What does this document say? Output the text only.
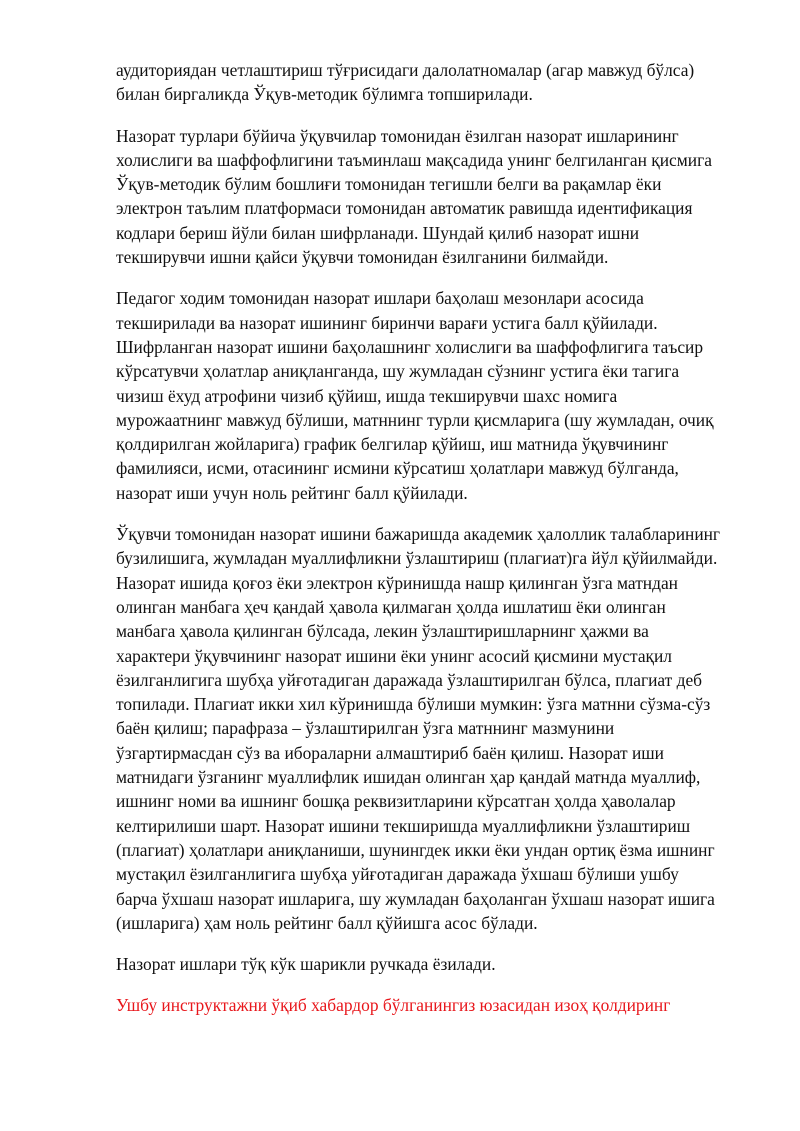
аудиториядан четлаштириш тўғрисидаги далолатномалар (агар мавжуд бўлса)
билан биргаликда Ўқув-методик бўлимга топширилади.

Назорат турлари бўйича ўқувчилар томонидан ёзилган назорат ишларининг
холислиги ва шаффофлигини таъминлаш мақсадида унинг белгиланган қисмига
Ўқув-методик бўлим бошлиғи томонидан тегишли белги ва рақамлар ёки
электрон таълим платформаси томонидан автоматик равишда идентификация
кодлари бериш йўли билан шифрланади. Шундай қилиб назорат ишни
текширувчи ишни қайси ўқувчи томонидан ёзилганини билмайди.

Педагог ходим томонидан назорат ишлари баҳолаш мезонлари асосида
текширилади ва назорат ишининг биринчи варағи устига балл қўйилади.
Шифрланган назорат ишини баҳолашнинг холислиги ва шаффофлигига таъсир
кўрсатувчи ҳолатлар аниқланганда, шу жумладан сўзнинг устига ёки тагига
чизиш ёхуд атрофини чизиб қўйиш, ишда текширувчи шахс номига
мурожаатнинг мавжуд бўлиши, матннинг турли қисмларига (шу жумладан, очиқ
қолдирилган жойларига) график белгилар қўйиш, иш матнида ўқувчининг
фамилияси, исми, отасининг исмини кўрсатиш ҳолатлари мавжуд бўлганда,
назорат иши учун ноль рейтинг балл қўйилади.

Ўқувчи томонидан назорат ишини бажаришда академик ҳалоллик талабларининг
бузилишига, жумладан муаллифликни ўзлаштириш (плагиат)га йўл қўйилмайди.
Назорат ишида қоғоз ёки электрон кўринишда нашр қилинган ўзга матндан
олинган манбага ҳеч қандай ҳавола қилмаган ҳолда ишлатиш ёки олинган
манбага ҳавола қилинган бўлсада, лекин ўзлаштиришларнинг ҳажми ва
характери ўқувчининг назорат ишини ёки унинг асосий қисмини мустақил
ёзилганлигига шубҳа уйғотадиган даражада ўзлаштирилган бўлса, плагиат деб
топилади. Плагиат икки хил кўринишда бўлиши мумкин: ўзга матнни сўзма-сўз
баён қилиш; парафраза – ўзлаштирилган ўзга матннинг мазмунини
ўзгартирмасдан сўз ва ибораларни алмаштириб баён қилиш. Назорат иши
матнидаги ўзганинг муаллифлик ишидан олинган ҳар қандай матнда муаллиф,
ишнинг номи ва ишнинг бошқа реквизитларини кўрсатган ҳолда ҳаволалар
келтирилиши шарт. Назорат ишини текширишда муаллифликни ўзлаштириш
(плагиат) ҳолатлари аниқланиши, шунингдек икки ёки ундан ортиқ ёзма ишнинг
мустақил ёзилганлигига шубҳа уйғотадиган даражада ўхшаш бўлиши ушбу
барча ўхшаш назорат ишларига, шу жумладан баҳоланган ўхшаш назорат ишига
(ишларига) ҳам ноль рейтинг балл қўйишга асос бўлади.

Назорат ишлари тўқ кўк шарикли ручкада ёзилади.

Ушбу инструктажни ўқиб хабардор бўлганингиз юзасидан изоҳ қолдиринг
